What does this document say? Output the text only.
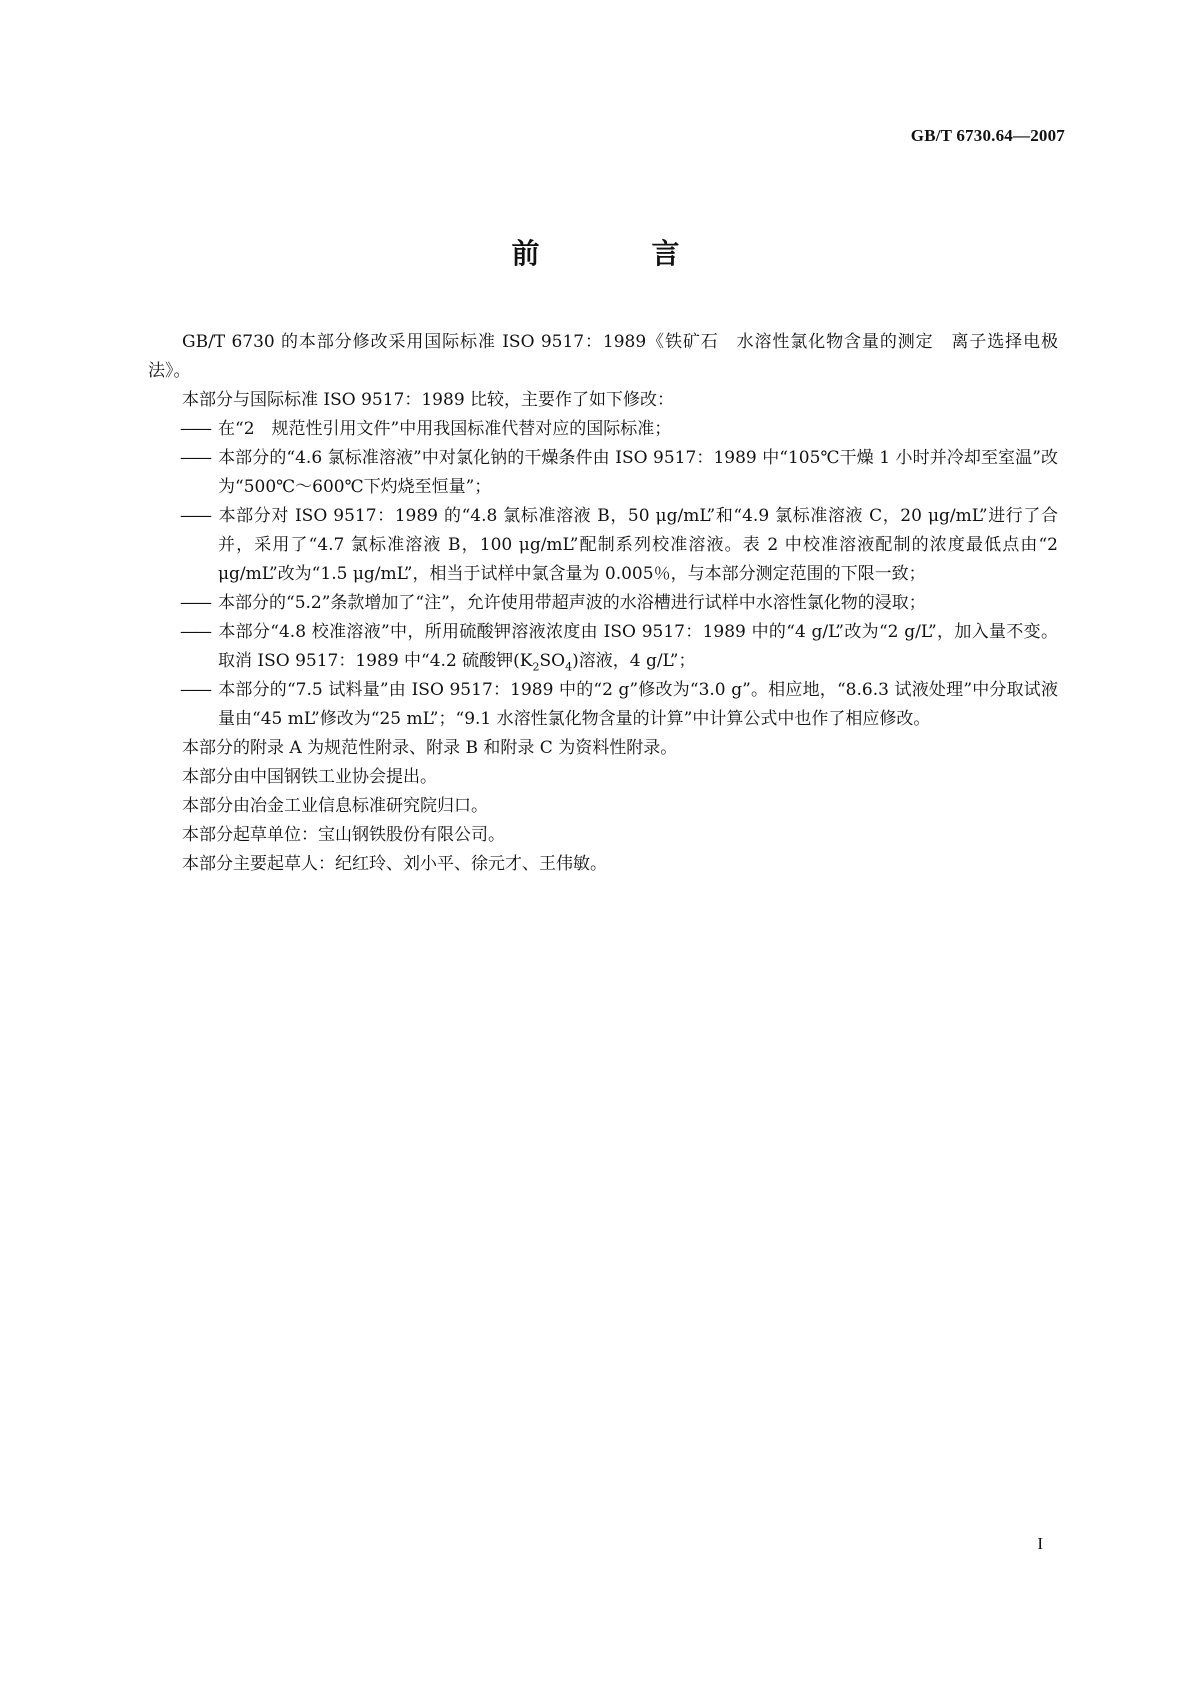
GB/T 6730.64—2007
前　言

GB/T 6730 的本部分修改采用国际标准 ISO 9517：1989《铁矿石　水溶性氯化物含量的测定　离子选择电极法》。

本部分与国际标准 ISO 9517：1989 比较，主要作了如下修改：

—— 在“2　规范性引用文件”中用我国标准代替对应的国际标准；

—— 本部分的“4.6 氯标准溶液”中对氯化钠的干燥条件由 ISO 9517：1989 中“105℃干燥 1 小时并冷却至室温”改为“500℃～600℃下灼烧至恒量”；

—— 本部分对 ISO 9517：1989 的“4.8 氯标准溶液 B，50 μg/mL”和“4.9 氯标准溶液 C，20 μg/mL”进行了合并，采用了“4.7 氯标准溶液 B，100 μg/mL”配制系列校准溶液。表 2 中校准溶液配制的浓度最低点由“2 μg/mL”改为“1.5 μg/mL”，相当于试样中氯含量为 0.005％，与本部分测定范围的下限一致；

—— 本部分的“5.2”条款增加了“注”，允许使用带超声波的水浴槽进行试样中水溶性氯化物的浸取；

—— 本部分“4.8 校准溶液”中，所用硫酸钾溶液浓度由 ISO 9517：1989 中的“4 g/L”改为“2 g/L”，加入量不变。取消 ISO 9517：1989 中“4.2 硫酸钾$(K_2SO_4)$溶液，4 g/L”；

—— 本部分的“7.5 试料量”由 ISO 9517：1989 中的“2 g”修改为“3.0 g”。相应地，“8.6.3 试液处理”中分取试液量由“45 mL”修改为“25 mL”；“9.1 水溶性氯化物含量的计算”中计算公式中也作了相应修改。

本部分的附录 A 为规范性附录、附录 B 和附录 C 为资料性附录。

本部分由中国钢铁工业协会提出。

本部分由冶金工业信息标准研究院归口。

本部分起草单位：宝山钢铁股份有限公司。

本部分主要起草人：纪红玲、刘小平、徐元才、王伟敏。

I
